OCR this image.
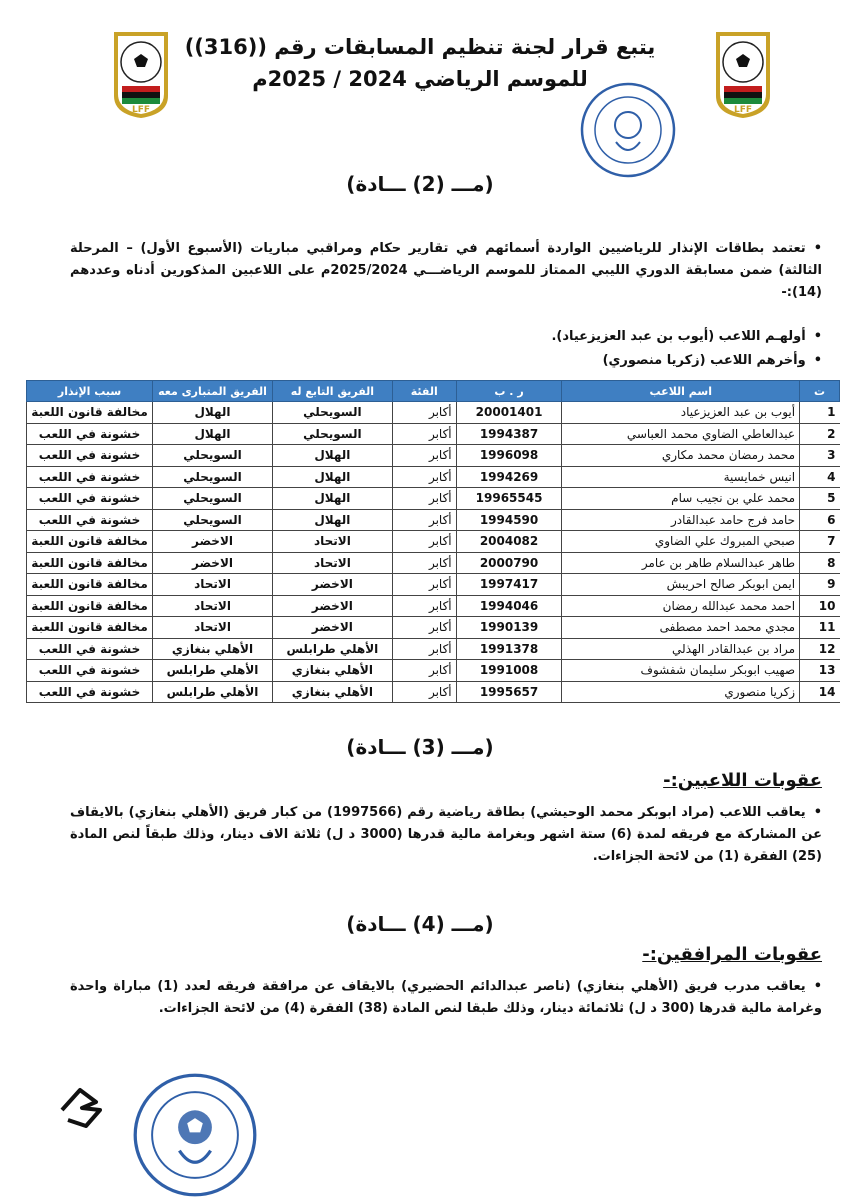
LFF	LFF
يتبع قرار لجنة تنظيم المسابقات رقم ((316))
للموسم الرياضي 2024 / 2025م
(مـــ (2) ـــادة)
• تعتمد بطاقات الإنذار للرياضيين الواردة أسمائهم في تقارير حكام ومراقبي مباريات (الأسبوع الأول) – المرحلة الثالثة) ضمن مسابقة الدوري الليبي الممتاز للموسم الرياضـــي 2025/2024م على اللاعبين المذكورين أدناه وعددهم (14):-
• أولهـم اللاعب (أيوب بن عبد العزيزعياد).
• وأخرهم اللاعب (زكريا منصوري)
ت	اسم اللاعب	ر . ب	الفئة	الفريق التابع له	الفريق المتبارى معه	سبب الإنذار
1	أيوب بن عبد العزيزعياد	20001401	أكابر	السويحلي	الهلال	مخالفة قانون اللعبة
2	عبدالعاطي الضاوي محمد العباسي	1994387	أكابر	السويحلي	الهلال	خشونة في اللعب
3	محمد رمضان محمد مكاري	1996098	أكابر	الهلال	السويحلي	خشونة في اللعب
4	انيس خمايسية	1994269	أكابر	الهلال	السويحلي	خشونة في اللعب
5	محمد علي بن نجيب سام	19965545	أكابر	الهلال	السويحلي	خشونة في اللعب
6	حامد فرج حامد عبدالقادر	1994590	أكابر	الهلال	السويحلي	خشونة في اللعب
7	صبحي المبروك علي الضاوي	2004082	أكابر	الاتحاد	الاخضر	مخالفة قانون اللعبة
8	طاهر عبدالسلام طاهر بن عامر	2000790	أكابر	الاتحاد	الاخضر	مخالفة قانون اللعبة
9	ايمن ابوبكر صالح احريبش	1997417	أكابر	الاخضر	الاتحاد	مخالفة قانون اللعبة
10	احمد محمد عبدالله رمضان	1994046	أكابر	الاخضر	الاتحاد	مخالفة قانون اللعبة
11	مجدي محمد احمد مصطفى	1990139	أكابر	الاخضر	الاتحاد	مخالفة قانون اللعبة
12	مراد بن عبدالقادر الهذلي	1991378	أكابر	الأهلي طرابلس	الأهلي بنغازي	خشونة في اللعب
13	صهيب ابوبكر سليمان شفشوف	1991008	أكابر	الأهلي بنغازي	الأهلي طرابلس	خشونة في اللعب
14	زكريا منصوري	1995657	أكابر	الأهلي بنغازي	الأهلي طرابلس	خشونة في اللعب
(مـــ (3) ـــادة)
عقوبات اللاعبين:-
• يعاقب اللاعب (مراد ابوبكر محمد الوحيشي) بطاقة رياضية رقم (1997566) من كبار فريق (الأهلي بنغازي) بالايقاف عن المشاركة مع فريقه لمدة (6) ستة اشهر وبغرامة مالية قدرها (3000 د ل) ثلاثة الاف دينار، وذلك طبقاً لنص المادة (25) الفقرة (1) من لائحة الجزاءات.
(مـــ (4) ـــادة)
عقوبات المرافقين:-
• يعاقب مدرب فريق (الأهلي بنغازي) (ناصر عبدالدائم الحضيري) بالايقاف عن مرافقة فريقه لعدد (1) مباراة واحدة وغرامة مالية قدرها (300 د ل) ثلاثمائة دينار، وذلك طبقا لنص المادة (38) الفقرة (4) من لائحة الجزاءات.
